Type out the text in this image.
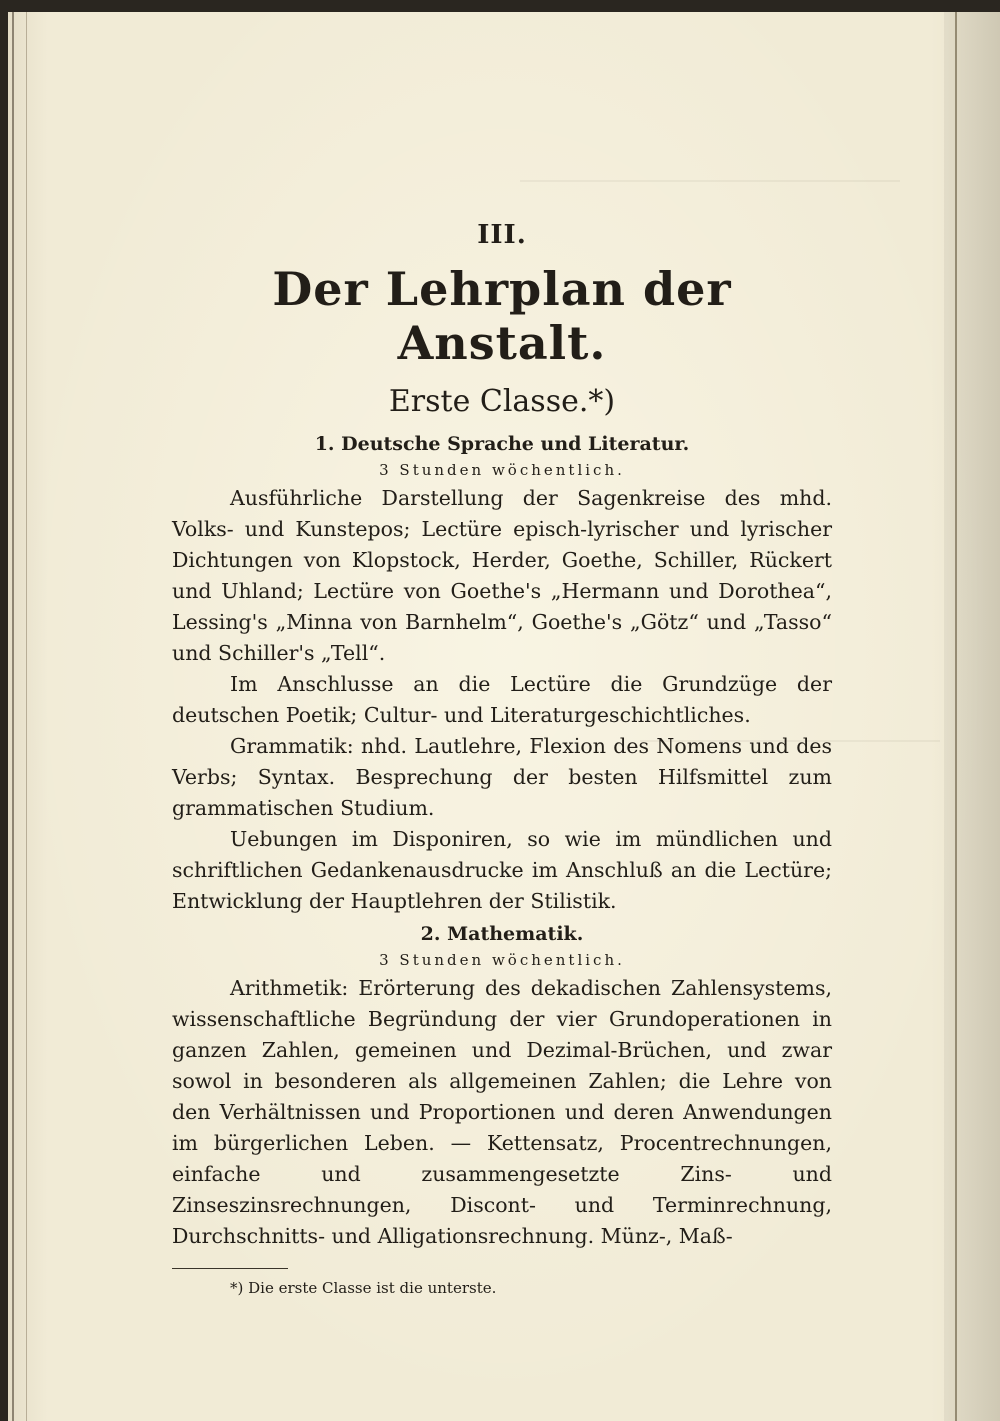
III.
Der Lehrplan der Anstalt.
Erste Classe.*)
1. Deutsche Sprache und Literatur.
3 Stunden wöchentlich.

Ausführliche Darstellung der Sagenkreise des mhd. Volks- und Kunstepos; Lectüre episch-lyrischer und lyrischer Dichtungen von Klopstock, Herder, Goethe, Schiller, Rückert und Uhland; Lectüre von Goethe's „Hermann und Dorothea“, Lessing's „Minna von Barnhelm“, Goethe's „Götz“ und „Tasso“ und Schiller's „Tell“.

Im Anschlusse an die Lectüre die Grundzüge der deutschen Poetik; Cultur- und Literaturgeschichtliches.

Grammatik: nhd. Lautlehre, Flexion des Nomens und des Verbs; Syntax. Besprechung der besten Hilfsmittel zum grammatischen Studium.

Uebungen im Disponiren, so wie im mündlichen und schriftlichen Gedankenausdrucke im Anschluß an die Lectüre; Entwicklung der Hauptlehren der Stilistik.

2. Mathematik.
3 Stunden wöchentlich.

Arithmetik: Erörterung des dekadischen Zahlensystems, wissenschaftliche Begründung der vier Grundoperationen in ganzen Zahlen, gemeinen und Dezimal-Brüchen, und zwar sowol in besonderen als allgemeinen Zahlen; die Lehre von den Verhältnissen und Proportionen und deren Anwendungen im bürgerlichen Leben. — Kettensatz, Procentrechnungen, einfache und zusammengesetzte Zins- und Zinseszinsrechnungen, Discont- und Terminrechnung, Durchschnitts- und Alligationsrechnung. Münz-, Maß-

*) Die erste Classe ist die unterste.
